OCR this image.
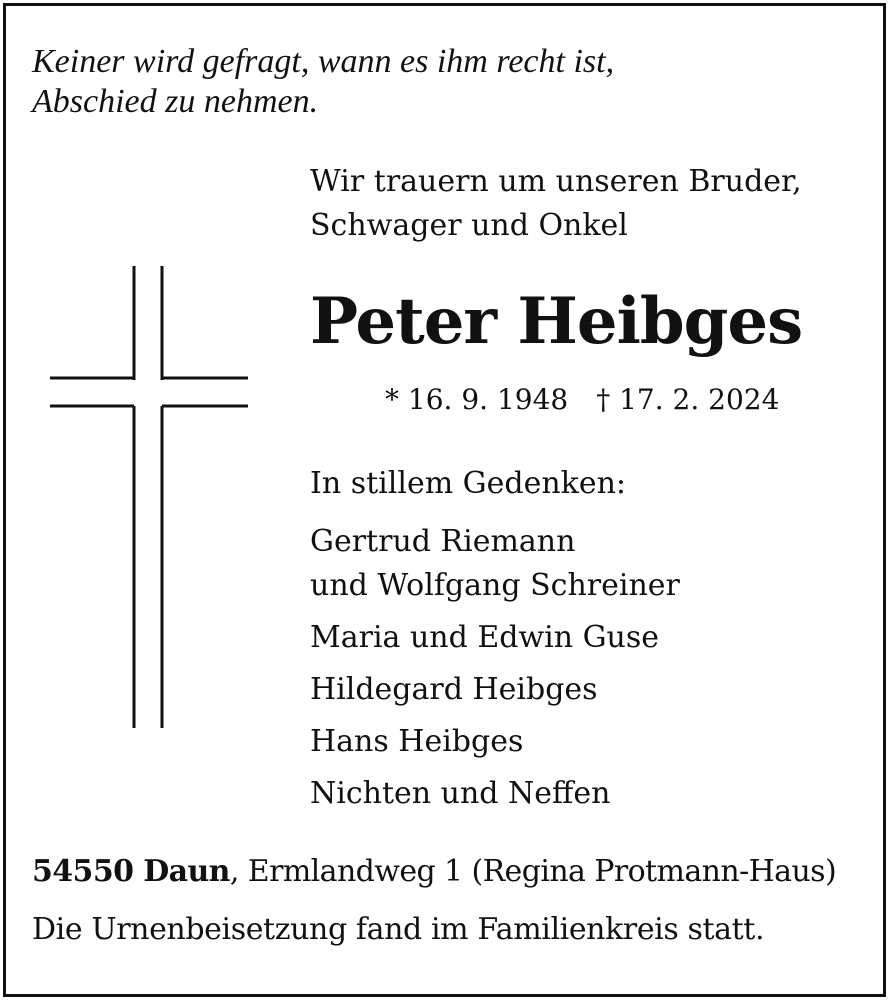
Keiner wird gefragt, wann es ihm recht ist,
Abschied zu nehmen.
Wir trauern um unseren Bruder,
Schwager und Onkel
Peter Heibges
* 16. 9. 1948 † 17. 2. 2024
In stillem Gedenken:
Gertrud Riemann
und Wolfgang Schreiner
Maria und Edwin Guse
Hildegard Heibges
Hans Heibges
Nichten und Neffen
54550 Daun, Ermlandweg 1 (Regina Protmann-Haus)
Die Urnenbeisetzung fand im Familienkreis statt.
